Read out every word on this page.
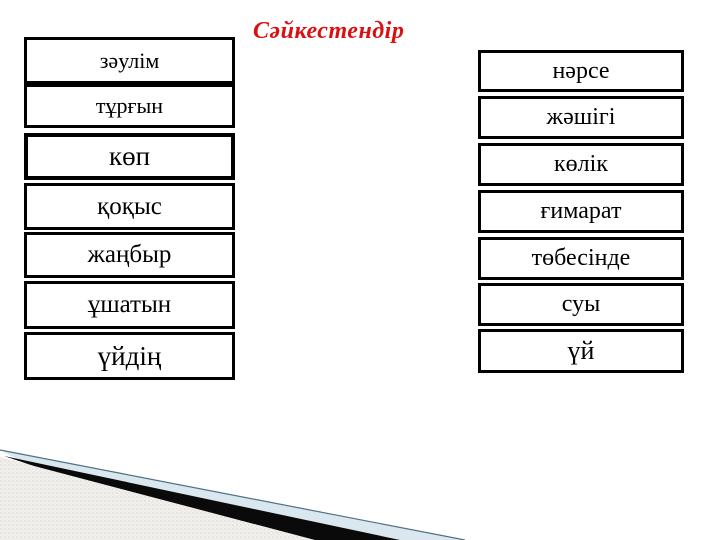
Сәйкестендір
зәулім
тұрғын
көп
қоқыс
жаңбыр
ұшатын
үйдің
нәрсе
жәшігі
көлік
ғимарат
төбесінде
суы
үй
